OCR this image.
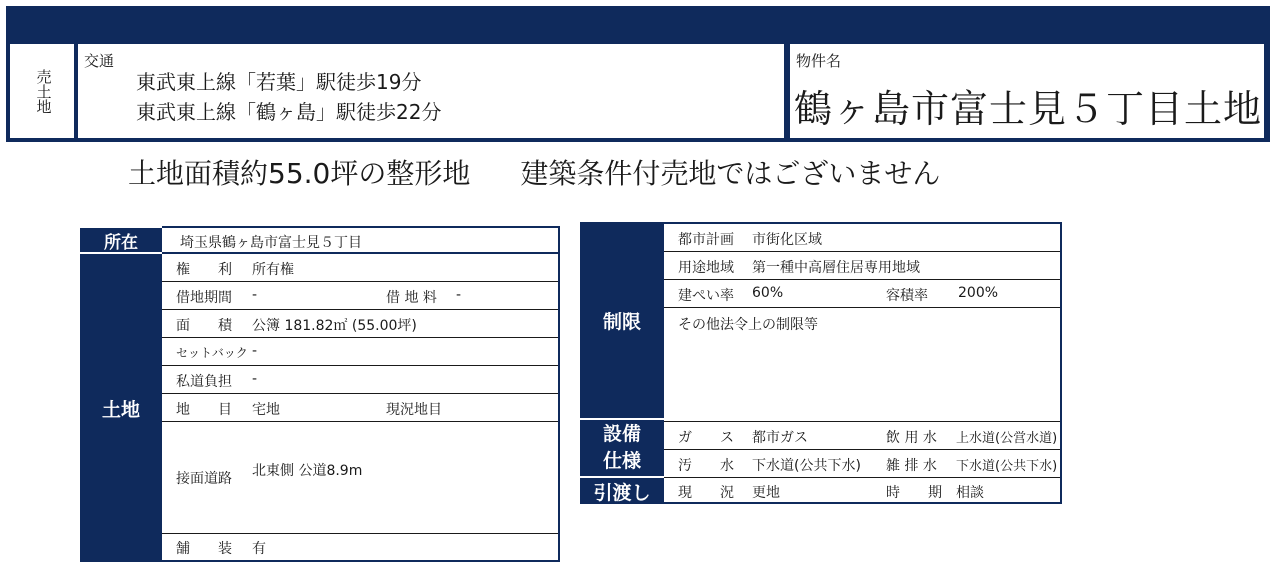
売土地
交通
東武東上線「若葉」駅徒歩19分
東武東上線「鶴ヶ島」駅徒歩22分
物件名
鶴ヶ島市富士見５丁目土地
土地面積約55.0坪の整形地 建築条件付売地ではございません
所在	埼玉県鶴ヶ島市富士見５丁目
土地
権　　利 所有権
借地期間 -	借 地 料 -
面　　積 公簿 181.82㎡ (55.00坪)
セットバック -
私道負担 -
地　　目 宅地	現況地目
接面道路 北東側 公道8.9m
舗　　装 有
制限
設備
仕様
引渡し
都市計画 市街化区域
用途地域 第一種中高層住居専用地域
建ぺい率 60%	容積率 200%
その他法令上の制限等
ガ　　ス 都市ガス	飲 用 水 上水道(公営水道)
汚　　水 下水道(公共下水) 雑 排 水 下水道(公共下水)
現　　況 更地	時　　期 相談
